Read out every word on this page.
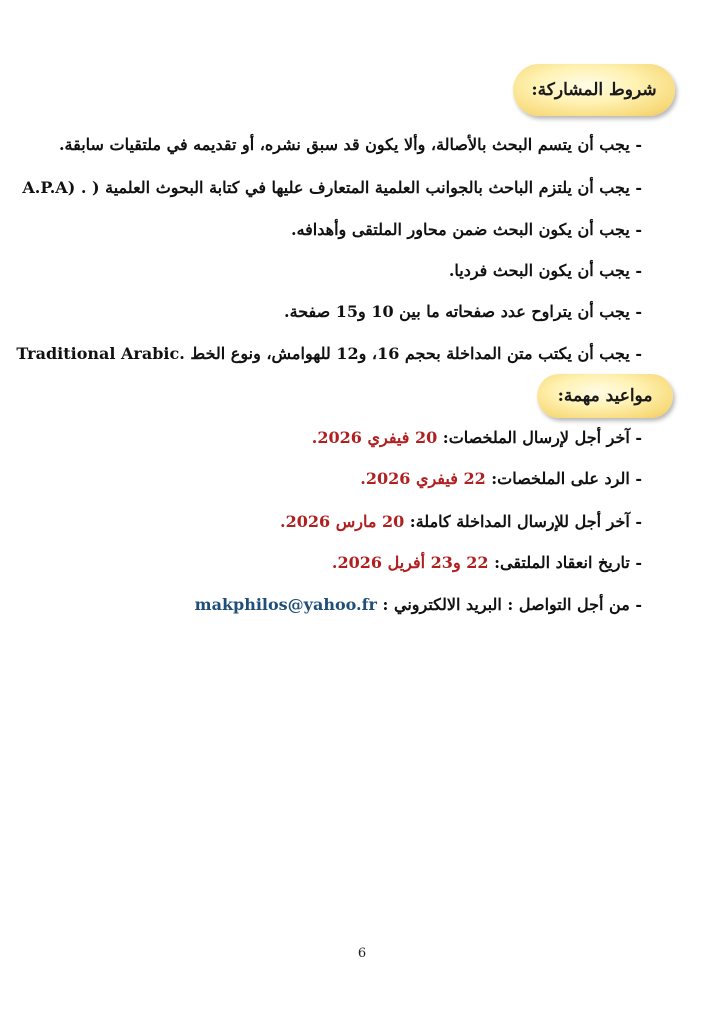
شروط المشاركة:
- يجب أن يتسم البحث بالأصالة، وألا يكون قد سبق نشره، أو تقديمه في ملتقيات سابقة.
- يجب أن يلتزم الباحث بالجوانب العلمية المتعارف عليها في كتابة البحوث العلمية ( A.P.A) .
- يجب أن يكون البحث ضمن محاور الملتقى وأهدافه.
- يجب أن يكون البحث فرديا.
- يجب أن يتراوح عدد صفحاته ما بين 10 و15 صفحة.
- يجب أن يكتب متن المداخلة بحجم 16، و12 للهوامش، ونوع الخط Traditional Arabic.
مواعيد مهمة:
- آخر أجل لإرسال الملخصات: 20 فيفري 2026.
- الرد على الملخصات: 22 فيفري 2026.
- آخر أجل للإرسال المداخلة كاملة: 20 مارس 2026.
- تاريخ انعقاد الملتقى: 22 و23 أفريل 2026.
- من أجل التواصل : البريد الالكتروني : makphilos@yahoo.fr
6
